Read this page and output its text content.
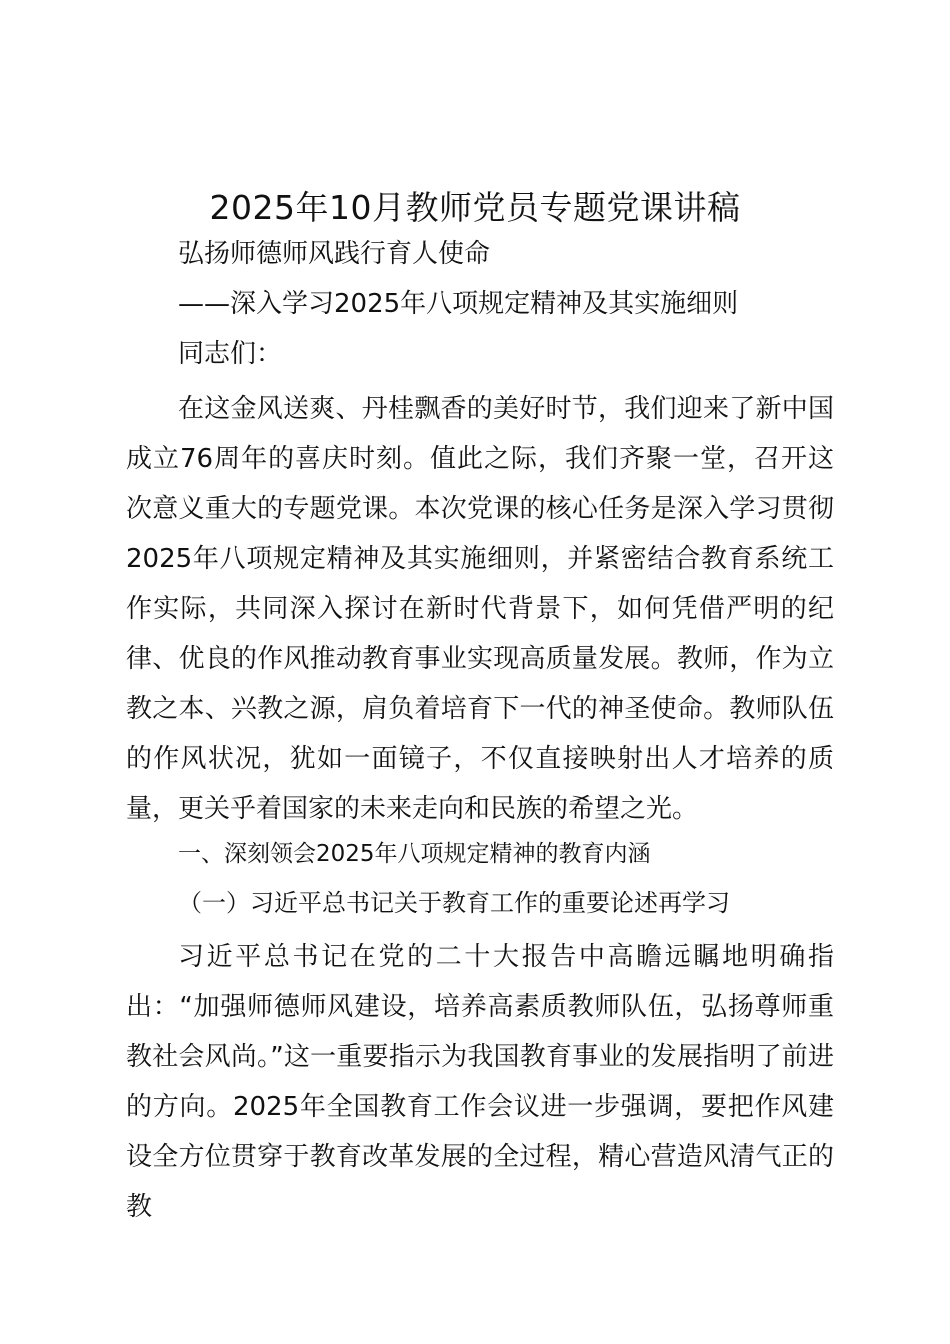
2025年10月教师党员专题党课讲稿

弘扬师德师风践行育人使命

——深入学习2025年八项规定精神及其实施细则

同志们：

在这金风送爽、丹桂飘香的美好时节，我们迎来了新中国成立76周年的喜庆时刻。值此之际，我们齐聚一堂，召开这次意义重大的专题党课。本次党课的核心任务是深入学习贯彻2025年八项规定精神及其实施细则，并紧密结合教育系统工作实际，共同深入探讨在新时代背景下，如何凭借严明的纪律、优良的作风推动教育事业实现高质量发展。教师，作为立教之本、兴教之源，肩负着培育下一代的神圣使命。教师队伍的作风状况，犹如一面镜子，不仅直接映射出人才培养的质量，更关乎着国家的未来走向和民族的希望之光。

一、深刻领会2025年八项规定精神的教育内涵

（一）习近平总书记关于教育工作的重要论述再学习

习近平总书记在党的二十大报告中高瞻远瞩地明确指出：“加强师德师风建设，培养高素质教师队伍，弘扬尊师重教社会风尚。”这一重要指示为我国教育事业的发展指明了前进的方向。2025年全国教育工作会议进一步强调，要把作风建设全方位贯穿于教育改革发展的全过程，精心营造风清气正的教
